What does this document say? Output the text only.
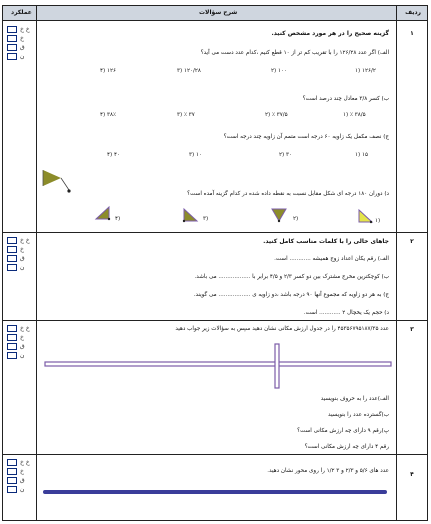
عملکرد	شرح سؤالات	ردیف
خ خ
خ
ق
ن
خ خ
خ
ق
ن
خ خ
خ
ق
ن
خ خ
خ
ق
ن
۱
۲
۳
۴
گزینه صحیح را در هر مورد مشخص کنید.
الف) اگر عدد ۱۲۶/۲۸ را با تقریب کم تر از ۱۰ قطع کنیم ،کدام عدد دست می آید؟
۱۲۶/۲ (۱
۱۰۰ (۲
۱۲۰/۲۸ (۳
۱۲۶ (۴
ب) کسر ۳/۸ معادل چند درصد است؟
۳۸/۵ ٪ (۱
۳۷/۵ ٪ (۲
۳۷ ٪ (۳
۳۸٪ (۴
ج) نصف مکمل یک زاویه ۶۰ درجه است متمم آن زاویه چند درجه است؟
۱۵ (۱
۳۰ (۲
۱۰ (۳
۴۰ (۴
د) دوران ۱۸۰ درجه ای شکل مقابل نسبت به نقطه داده شده در کدام گزینه آمده است؟
(۱
(۲
(۳
(۴
جاهای خالی را با کلمات مناسب کامل کنید.
الف) رقم یکان اعداد زوج همیشه ............ است.
ب) کوچکترین مخرج مشترک بین دو کسر ۲/۳ و ۴/۵ برابر با .................. می باشد.
ج) به هر دو زاویه که مجموع آنها ۹۰ درجه باشد ،دو زاویه ی .................. می گویند.
د) حجم یک یخچال ۲ ............ است.
عدد ۴۵۳۵۶۷۹۵۱۸۷/۳۵ را در جدول ارزش مکانی نشان دهید سپس به سؤالات زیر جواب دهید
الف)عدد را به حروف بنویسید
ب)گسترده عدد را بنویسید
پ)رقم ۹ دارای چه ارزش مکانی است؟
رقم ۴ دارای چه ارزش مکانی است؟
عدد های ۵/۶ و ۲/۳ و ۳ ۱/۲ را روی محور نشان دهید.
